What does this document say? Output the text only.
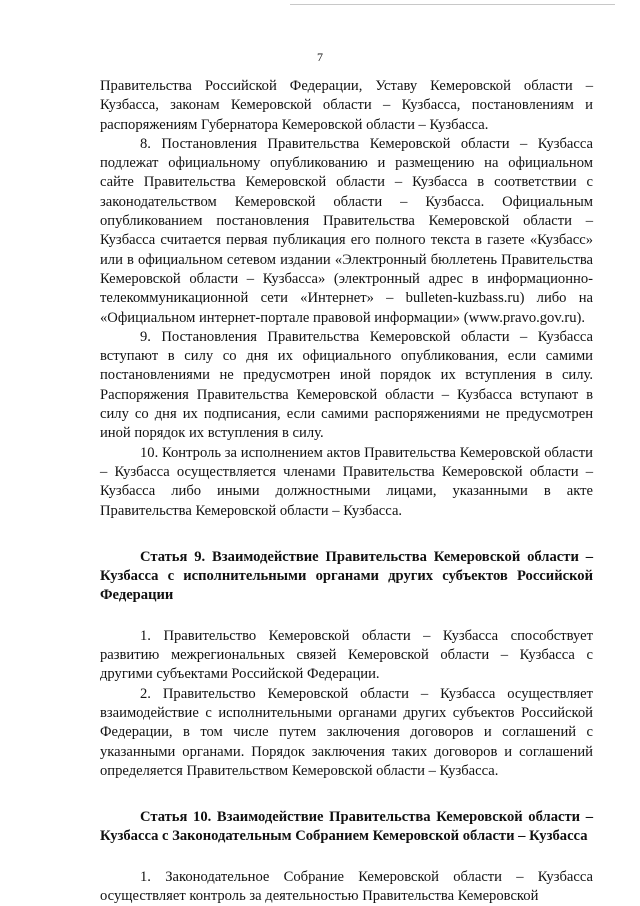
7

Правительства Российской Федерации, Уставу Кемеровской области – Кузбасса, законам Кемеровской области – Кузбасса, постановлениям и распоряжениям Губернатора Кемеровской области – Кузбасса.

8. Постановления Правительства Кемеровской области – Кузбасса подлежат официальному опубликованию и размещению на официальном сайте Правительства Кемеровской области – Кузбасса в соответствии с законодательством Кемеровской области – Кузбасса. Официальным опубликованием постановления Правительства Кемеровской области – Кузбасса считается первая публикация его полного текста в газете «Кузбасс» или в официальном сетевом издании «Электронный бюллетень Правительства Кемеровской области – Кузбасса» (электронный адрес в информационно-телекоммуникационной сети «Интернет» – bulleten-kuzbass.ru) либо на «Официальном интернет-портале правовой информации» (www.pravo.gov.ru).

9. Постановления Правительства Кемеровской области – Кузбасса вступают в силу со дня их официального опубликования, если самими постановлениями не предусмотрен иной порядок их вступления в силу. Распоряжения Правительства Кемеровской области – Кузбасса вступают в силу со дня их подписания, если самими распоряжениями не предусмотрен иной порядок их вступления в силу.

10. Контроль за исполнением актов Правительства Кемеровской области – Кузбасса осуществляется членами Правительства Кемеровской области – Кузбасса либо иными должностными лицами, указанными в акте Правительства Кемеровской области – Кузбасса.

Статья 9. Взаимодействие Правительства Кемеровской области – Кузбасса с исполнительными органами других субъектов Российской Федерации

1. Правительство Кемеровской области – Кузбасса способствует развитию межрегиональных связей Кемеровской области – Кузбасса с другими субъектами Российской Федерации.

2. Правительство Кемеровской области – Кузбасса осуществляет взаимодействие с исполнительными органами других субъектов Российской Федерации, в том числе путем заключения договоров и соглашений с указанными органами. Порядок заключения таких договоров и соглашений определяется Правительством Кемеровской области – Кузбасса.

Статья 10. Взаимодействие Правительства Кемеровской области – Кузбасса с Законодательным Собранием Кемеровской области – Кузбасса

1. Законодательное Собрание Кемеровской области – Кузбасса осуществляет контроль за деятельностью Правительства Кемеровской
